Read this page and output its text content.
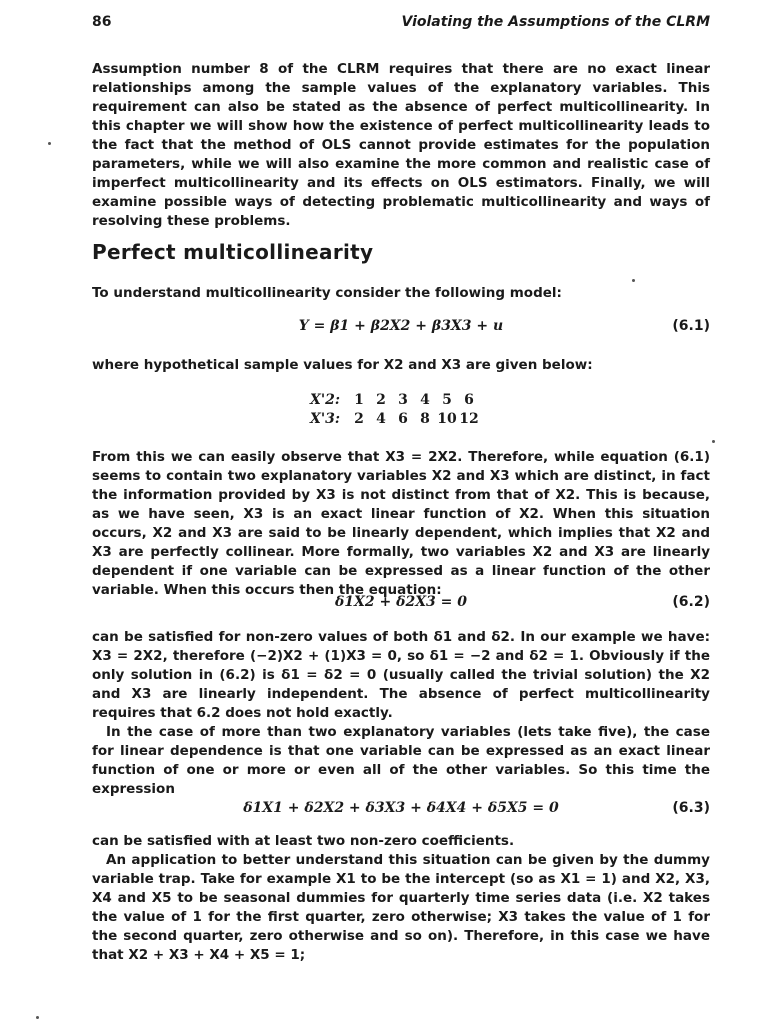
86	Violating the Assumptions of the CLRM

Assumption number 8 of the CLRM requires that there are no exact linear relationships among the sample values of the explanatory variables. This requirement can also be stated as the absence of perfect multicollinearity. In this chapter we will show how the existence of perfect multicollinearity leads to the fact that the method of OLS cannot provide estimates for the population parameters, while we will also examine the more common and realistic case of imperfect multicollinearity and its effects on OLS estimators. Finally, we will examine possible ways of detecting problematic multicollinearity and ways of resolving these problems.

Perfect multicollinearity

To understand multicollinearity consider the following model:

Y = β1 + β2X2 + β3X3 + u	(6.1)

where hypothetical sample values for X2 and X3 are given below:

X'2: 1 2 3 4 5 6
X'3: 2 4 6 8 10 12

From this we can easily observe that X3 = 2X2. Therefore, while equation (6.1) seems to contain two explanatory variables X2 and X3 which are distinct, in fact the information provided by X3 is not distinct from that of X2. This is because, as we have seen, X3 is an exact linear function of X2. When this situation occurs, X2 and X3 are said to be linearly dependent, which implies that X2 and X3 are perfectly collinear. More formally, two variables X2 and X3 are linearly dependent if one variable can be expressed as a linear function of the other variable. When this occurs then the equation:

δ1X2 + δ2X3 = 0	(6.2)

can be satisfied for non-zero values of both δ1 and δ2. In our example we have: X3 = 2X2, therefore (−2)X2 + (1)X3 = 0, so δ1 = −2 and δ2 = 1. Obviously if the only solution in (6.2) is δ1 = δ2 = 0 (usually called the trivial solution) the X2 and X3 are linearly independent. The absence of perfect multicollinearity requires that 6.2 does not hold exactly.

In the case of more than two explanatory variables (lets take five), the case for linear dependence is that one variable can be expressed as an exact linear function of one or more or even all of the other variables. So this time the expression

δ1X1 + δ2X2 + δ3X3 + δ4X4 + δ5X5 = 0	(6.3)

can be satisfied with at least two non-zero coefficients.

An application to better understand this situation can be given by the dummy variable trap. Take for example X1 to be the intercept (so as X1 = 1) and X2, X3, X4 and X5 to be seasonal dummies for quarterly time series data (i.e. X2 takes the value of 1 for the first quarter, zero otherwise; X3 takes the value of 1 for the second quarter, zero otherwise and so on). Therefore, in this case we have that X2 + X3 + X4 + X5 = 1;
